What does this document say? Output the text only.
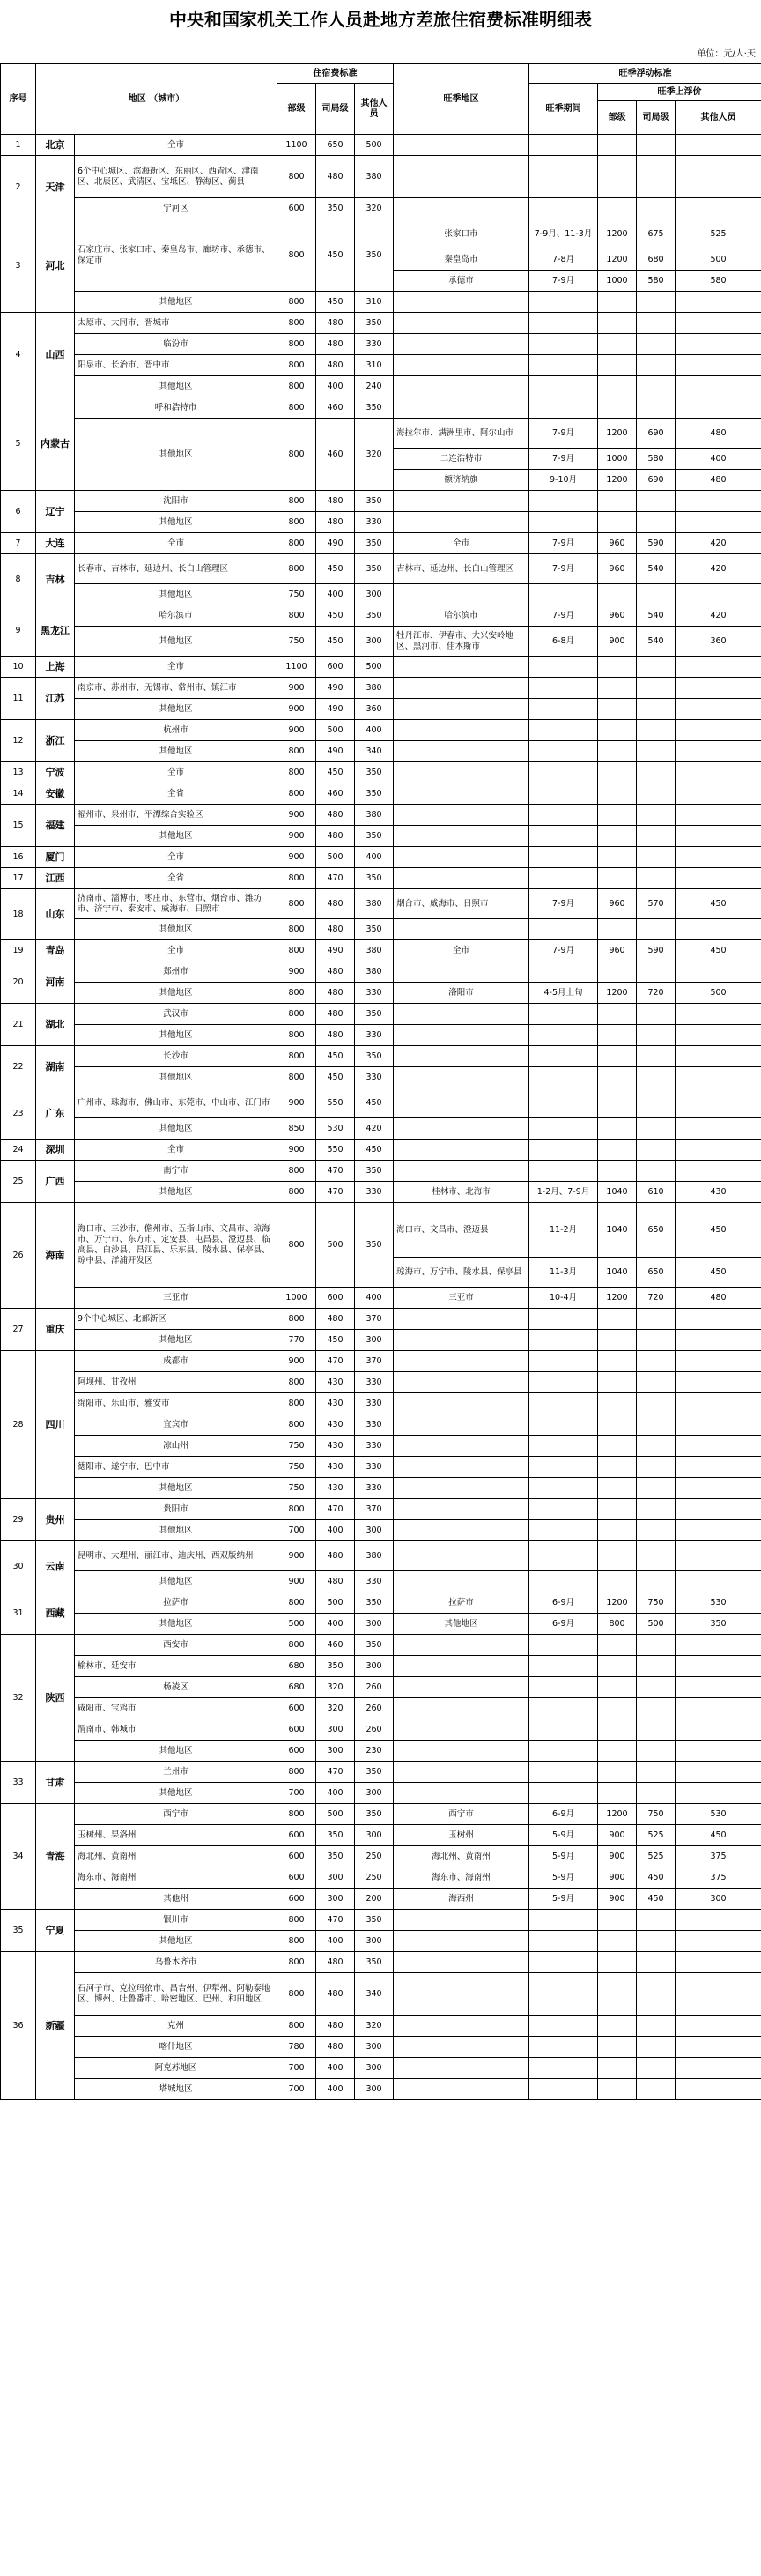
中央和国家机关工作人员赴地方差旅住宿费标准明细表
单位：元/人·天
序号	地区 （城市）		住宿费标准			旺季地区	旺季浮动标准			
			部级	司局级	其他人员		旺季期间	旺季上浮价		
								部级	司局级	其他人员
1	北京	全市	1100	650	500					
2	天津	6个中心城区、滨海新区、东丽区、西青区、津南区、北辰区、武清区、宝坻区、静海区、蓟县	800	480	380					
		宁河区	600	350	320					
3	河北	石家庄市、张家口市、秦皇岛市、廊坊市、承德市、保定市	800	450	350	张家口市	7-9月、11-3月	1200	675	525
						秦皇岛市	7-8月	1200	680	500
						承德市	7-9月	1000	580	580
		其他地区	800	450	310					
4	山西	太原市、大同市、晋城市	800	480	350					
		临汾市	800	480	330					
		阳泉市、长治市、晋中市	800	480	310					
		其他地区	800	400	240					
5	内蒙古	呼和浩特市	800	460	350					
		其他地区	800	460	320	海拉尔市、满洲里市、阿尔山市	7-9月	1200	690	480
						二连浩特市	7-9月	1000	580	400
						额济纳旗	9-10月	1200	690	480
6	辽宁	沈阳市	800	480	350					
		其他地区	800	480	330					
7	大连	全市	800	490	350	全市	7-9月	960	590	420
8	吉林	长春市、吉林市、延边州、长白山管理区	800	450	350	吉林市、延边州、长白山管理区	7-9月	960	540	420
		其他地区	750	400	300					
9	黑龙江	哈尔滨市	800	450	350	哈尔滨市	7-9月	960	540	420
		其他地区	750	450	300	牡丹江市、伊春市、大兴安岭地区、黑河市、佳木斯市	6-8月	900	540	360
10	上海	全市	1100	600	500					
11	江苏	南京市、苏州市、无锡市、常州市、镇江市	900	490	380					
		其他地区	900	490	360					
12	浙江	杭州市	900	500	400					
		其他地区	800	490	340					
13	宁波	全市	800	450	350					
14	安徽	全省	800	460	350					
15	福建	福州市、泉州市、平潭综合实验区	900	480	380					
		其他地区	900	480	350					
16	厦门	全市	900	500	400					
17	江西	全省	800	470	350					
18	山东	济南市、淄博市、枣庄市、东营市、烟台市、潍坊市、济宁市、泰安市、威海市、日照市	800	480	380	烟台市、威海市、日照市	7-9月	960	570	450
		其他地区	800	480	350					
19	青岛	全市	800	490	380	全市	7-9月	960	590	450
20	河南	郑州市	900	480	380					
		其他地区	800	480	330	洛阳市	4-5月上旬	1200	720	500
21	湖北	武汉市	800	480	350					
		其他地区	800	480	330					
22	湖南	长沙市	800	450	350					
		其他地区	800	450	330					
23	广东	广州市、珠海市、佛山市、东莞市、中山市、江门市	900	550	450					
		其他地区	850	530	420					
24	深圳	全市	900	550	450					
25	广西	南宁市	800	470	350					
		其他地区	800	470	330	桂林市、北海市	1-2月、7-9月	1040	610	430
26	海南	海口市、三沙市、儋州市、五指山市、文昌市、琼海市、万宁市、东方市、定安县、屯昌县、澄迈县、临高县、白沙县、昌江县、乐东县、陵水县、保亭县、琼中县、洋浦开发区	800	500	350	海口市、文昌市、澄迈县	11-2月	1040	650	450
						琼海市、万宁市、陵水县、保亭县	11-3月	1040	650	450
		三亚市	1000	600	400	三亚市	10-4月	1200	720	480
27	重庆	9个中心城区、北部新区	800	480	370					
		其他地区	770	450	300					
28	四川	成都市	900	470	370					
		阿坝州、甘孜州	800	430	330					
		绵阳市、乐山市、雅安市	800	430	330					
		宜宾市	800	430	330					
		凉山州	750	430	330					
		德阳市、遂宁市、巴中市	750	430	330					
		其他地区	750	430	330					
29	贵州	贵阳市	800	470	370					
		其他地区	700	400	300					
30	云南	昆明市、大理州、丽江市、迪庆州、西双版纳州	900	480	380					
		其他地区	900	480	330					
31	西藏	拉萨市	800	500	350	拉萨市	6-9月	1200	750	530
		其他地区	500	400	300	其他地区	6-9月	800	500	350
32	陕西	西安市	800	460	350					
		榆林市、延安市	680	350	300					
		杨凌区	680	320	260					
		咸阳市、宝鸡市	600	320	260					
		渭南市、韩城市	600	300	260					
		其他地区	600	300	230					
33	甘肃	兰州市	800	470	350					
		其他地区	700	400	300					
34	青海	西宁市	800	500	350	西宁市	6-9月	1200	750	530
		玉树州、果洛州	600	350	300	玉树州	5-9月	900	525	450
		海北州、黄南州	600	350	250	海北州、黄南州	5-9月	900	525	375
		海东市、海南州	600	300	250	海东市、海南州	5-9月	900	450	375
		其他州	600	300	200	海西州	5-9月	900	450	300
35	宁夏	银川市	800	470	350					
		其他地区	800	400	300					
36	新疆	乌鲁木齐市	800	480	350					
		石河子市、克拉玛依市、昌吉州、伊犁州、阿勒泰地区、博州、吐鲁番市、哈密地区、巴州、和田地区	800	480	340					
		克州	800	480	320					
		喀什地区	780	480	300					
		阿克苏地区	700	400	300					
		塔城地区	700	400	300					
